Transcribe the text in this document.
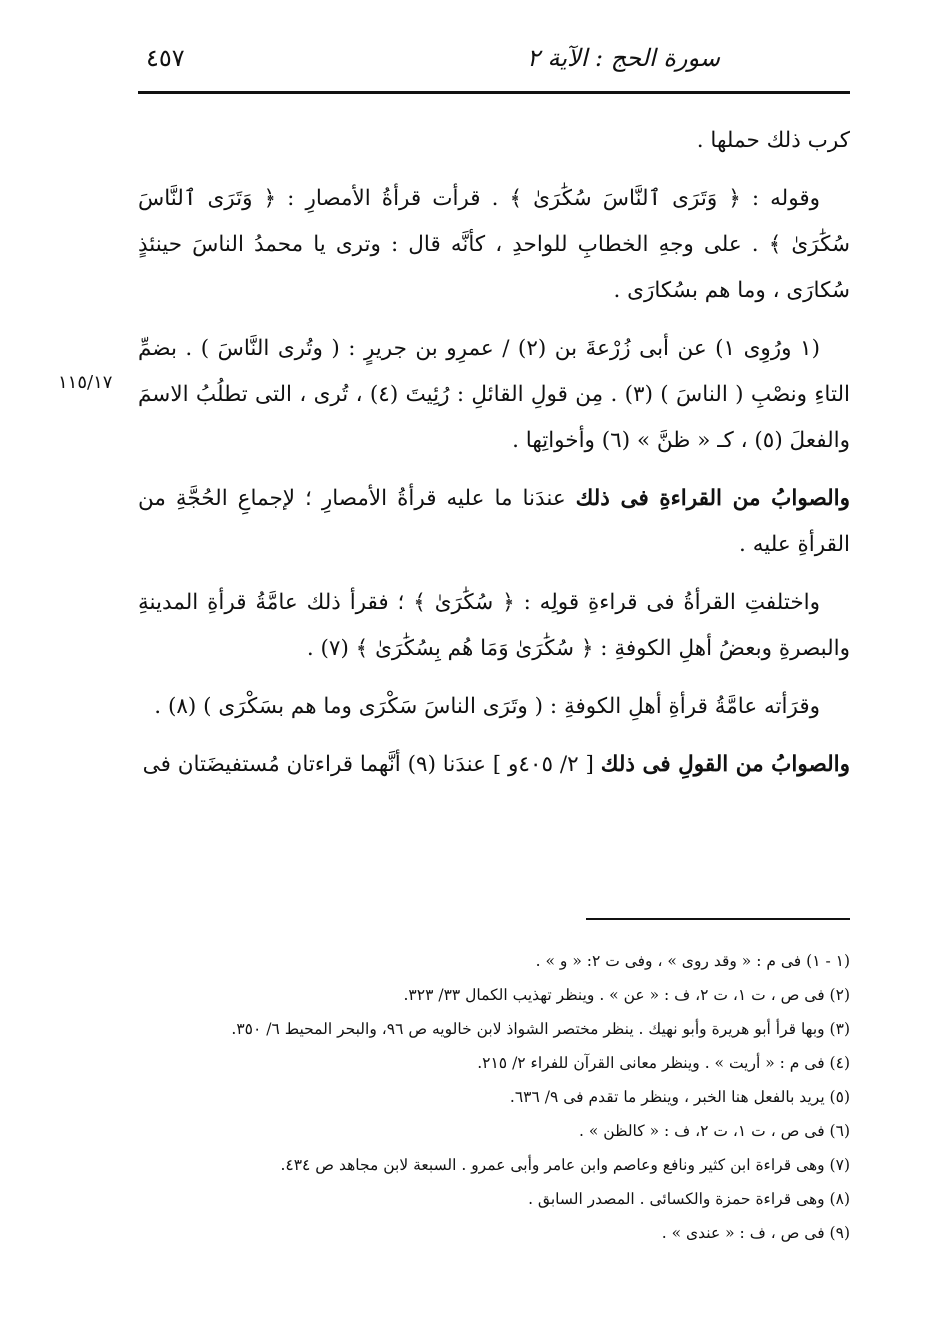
سورة الحج : الآية ٢
٤٥٧
١١٥/١٧

كرب ذلك حملها .

وقوله : ﴿ وَتَرَى ٱلنَّاسَ سُكَٰرَىٰ ﴾ . قرأت قرأةُ الأمصارِ : ﴿ وَتَرَى ٱلنَّاسَ سُكَٰرَىٰ ﴾ . على وجهِ الخطابِ للواحدِ ، كأنَّه قال : وترى يا محمدُ الناسَ حينئذٍ سُكارَى ، وما هم بسُكارَى .

(١ ورُوِى ١) عن أبى زُرْعةَ بن (٢) / عمرِو بن جريرٍ : ( وتُرى النَّاسَ ) . بضمِّ التاءِ ونصْبِ ( الناسَ ) (٣) . مِن قولِ القائلِ : رُئِيتَ (٤) ، تُرى ، التى تطلُبُ الاسمَ والفعلَ (٥) ، كـ « ظنَّ » (٦) وأخواتِها .

والصوابُ من القراءةِ فى ذلك عندَنا ما عليه قرأةُ الأمصارِ ؛ لإجماعِ الحُجَّةِ من القرأةِ عليه .

واختلفتِ القرأةُ فى قراءةِ قولِه : ﴿ سُكَٰرَىٰ ﴾ ؛ فقرأ ذلك عامَّةُ قرأةِ المدينةِ والبصرةِ وبعضُ أهلِ الكوفةِ : ﴿ سُكَٰرَىٰ وَمَا هُم بِسُكَٰرَىٰ ﴾ (٧) .

وقرَأته عامَّةُ قرأةِ أهلِ الكوفةِ : ( وتَرَى الناسَ سَكْرَى وما هم بسَكْرَى ) (٨) .

والصوابُ من القولِ فى ذلك [ ٢/ ٤٠٥و ] عندَنا (٩) أنَّهما قراءتان مُستفيضَتان فى

(١ - ١) فى م : « وقد روى » ، وفى ت ٢: « و » .
(٢) فى ص ، ت ١، ت ٢، ف : « عن » . وينظر تهذيب الكمال ٣٣/ ٣٢٣.
(٣) وبها قرأ أبو هريرة وأبو نهيك . ينظر مختصر الشواذ لابن خالويه ص ٩٦، والبحر المحيط ٦/ ٣٥٠.
(٤) فى م : « أريت » . وينظر معانى القرآن للفراء ٢/ ٢١٥.
(٥) يريد بالفعل هنا الخبر ، وينظر ما تقدم فى ٩/ ٦٣٦.
(٦) فى ص ، ت ١، ت ٢، ف : « كالظن » .
(٧) وهى قراءة ابن كثير ونافع وعاصم وابن عامر وأبى عمرو . السبعة لابن مجاهد ص ٤٣٤.
(٨) وهى قراءة حمزة والكسائى . المصدر السابق .
(٩) فى ص ، ف : « عندى » .
